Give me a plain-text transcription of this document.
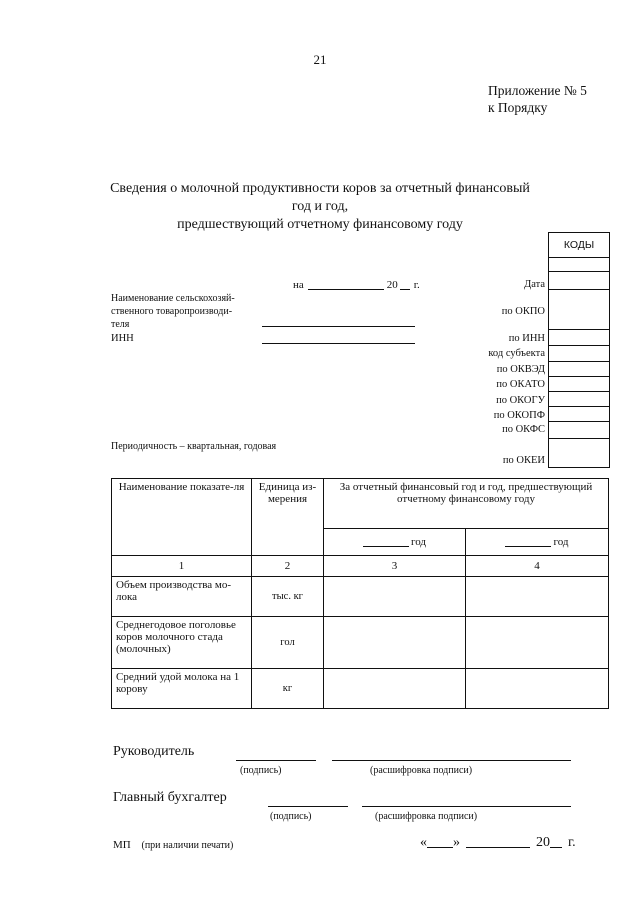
21
Приложение № 5
к Порядку
Сведения о молочной продуктивности коров за отчетный финансовый год и год,
предшествующий отчетному финансовому году
на	20 г.
Наименование сельскохозяй-
ственного товаропроизводи-
теля
ИНН
Периодичность – квартальная, годовая
Дата
по ОКПО
по ИНН
код субъекта
по ОКВЭД
по ОКАТО
по ОКОГУ
по ОКОПФ
по ОКФС
по ОКЕИ
КОДЫ
Наименование показате-ля	Единица из-мерения	За отчетный финансовый год и год, предшествующий отчетному финансовому году	
		год	год
1	2	3	4
Объем производства мо-лока	тыс. кг		
Среднегодовое поголовье коров молочного стада (молочных)	гол		
Средний удой молока на 1 корову	кг		
Руководитель
(подпись)	(расшифровка подписи)
Главный бухгалтер
(подпись)	(расшифровка подписи)
МП (при наличии печати)	« »	20 г.
